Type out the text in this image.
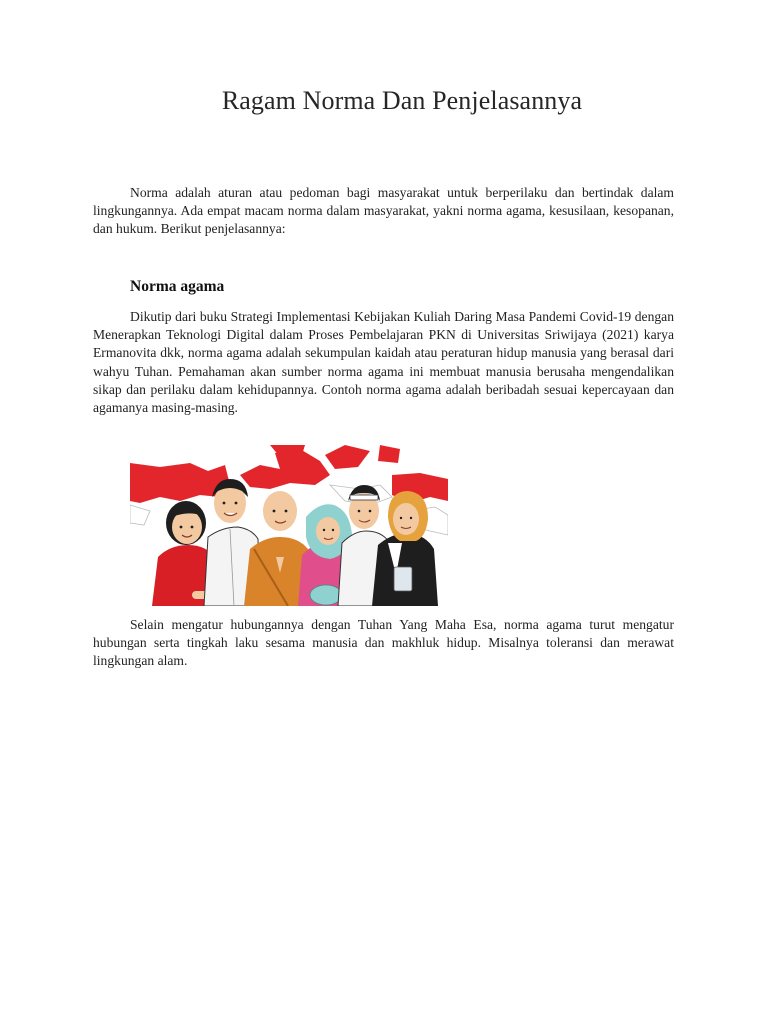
Ragam Norma Dan Penjelasannya

Norma adalah aturan atau pedoman bagi masyarakat untuk berperilaku dan bertindak dalam lingkungannya. Ada empat macam norma dalam masyarakat, yakni norma agama, kesusilaan, kesopanan, dan hukum. Berikut penjelasannya:

Norma agama

Dikutip dari buku Strategi Implementasi Kebijakan Kuliah Daring Masa Pandemi Covid-19 dengan Menerapkan Teknologi Digital dalam Proses Pembelajaran PKN di Universitas Sriwijaya (2021) karya Ermanovita dkk, norma agama adalah sekumpulan kaidah atau peraturan hidup manusia yang berasal dari wahyu Tuhan. Pemahaman akan sumber norma agama ini membuat manusia berusaha mengendalikan sikap dan perilaku dalam kehidupannya. Contoh norma agama adalah beribadah sesuai kepercayaan dan agamanya masing-masing.

Selain mengatur hubungannya dengan Tuhan Yang Maha Esa, norma agama turut mengatur hubungan serta tingkah laku sesama manusia dan makhluk hidup. Misalnya toleransi dan merawat lingkungan alam.
